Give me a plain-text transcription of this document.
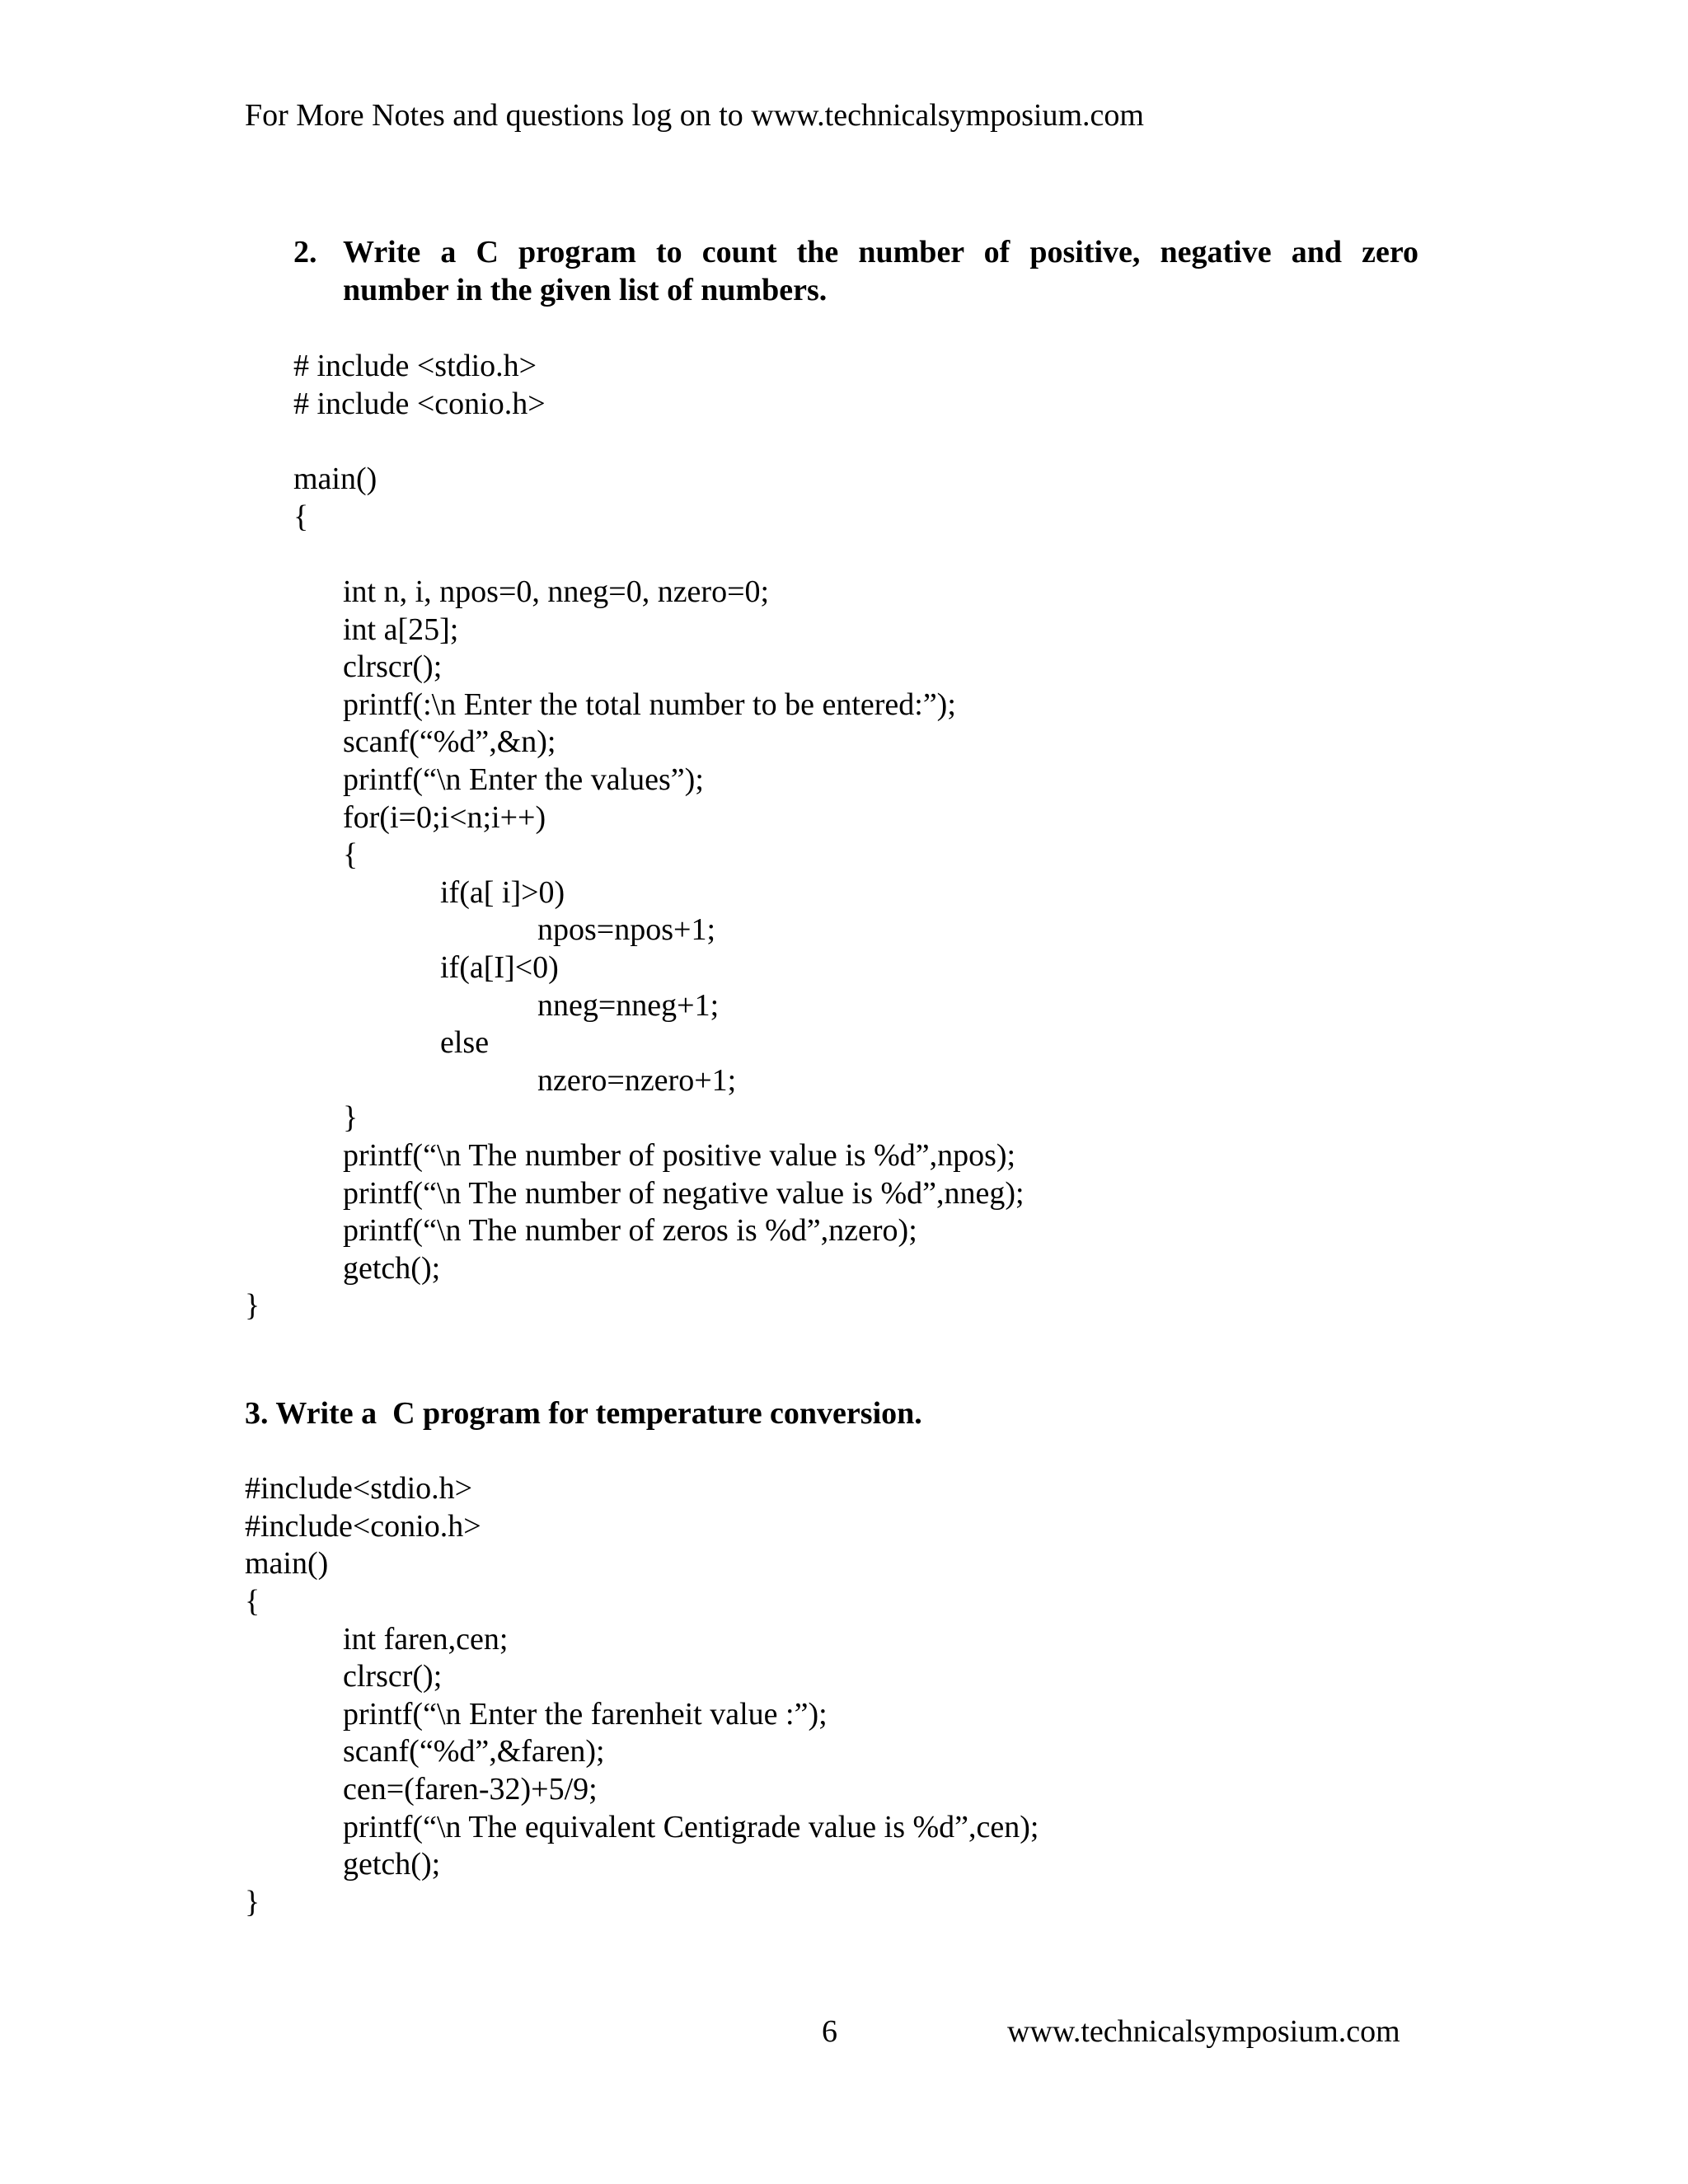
For More Notes and questions log on to www.technicalsymposium.com
2. Write a C program to count the number of positive, negative and zero
number in the given list of numbers.
# include <stdio.h>
# include <conio.h>
main()
{
int n, i, npos=0, nneg=0, nzero=0;
int a[25];
clrscr();
printf(:\n Enter the total number to be entered:”);
scanf(“%d”,&n);
printf(“\n Enter the values”);
for(i=0;i<n;i++)
{
if(a[ i]>0)
npos=npos+1;
if(a[I]<0)
nneg=nneg+1;
else
nzero=nzero+1;
}
printf(“\n The number of positive value is %d”,npos);
printf(“\n The number of negative value is %d”,nneg);
printf(“\n The number of zeros is %d”,nzero);
getch();
}
3. Write a  C program for temperature conversion.
#include<stdio.h>
#include<conio.h>
main()
{
int faren,cen;
clrscr();
printf(“\n Enter the farenheit value :”);
scanf(“%d”,&faren);
cen=(faren-32)+5/9;
printf(“\n The equivalent Centigrade value is %d”,cen);
getch();
}
6	www.technicalsymposium.com
